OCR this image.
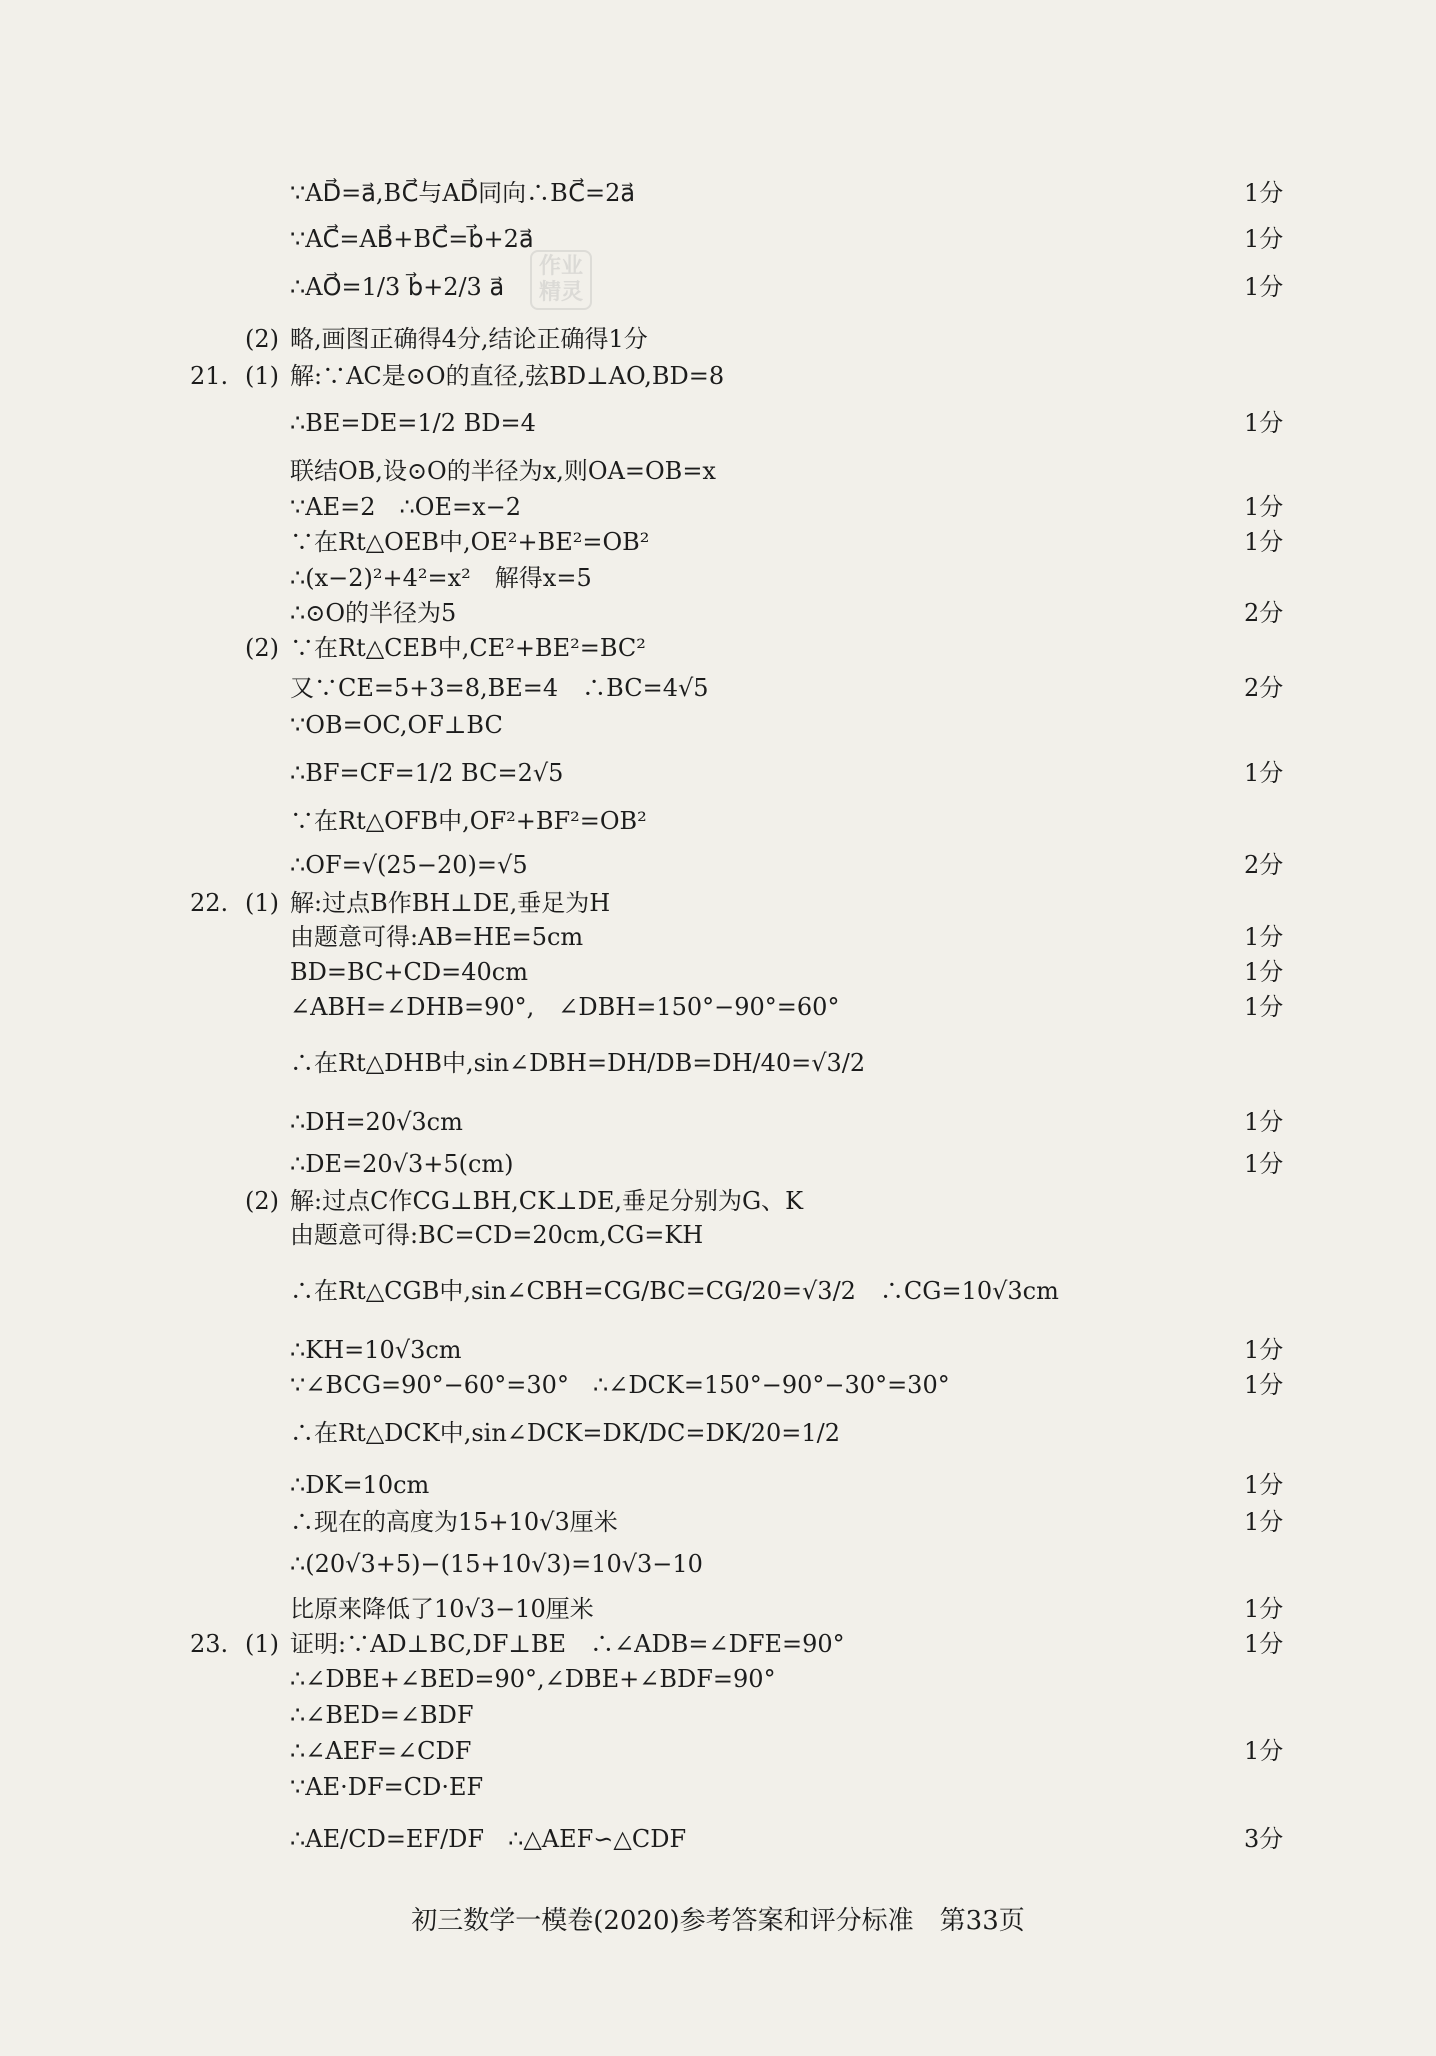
∵AD⃗=a⃗,BC⃗与AD⃗同向∴BC⃗=2a⃗	1分
∵AC⃗=AB⃗+BC⃗=b⃗+2a⃗	1分
∴AO⃗=1/3 b⃗+2/3 a⃗	1分
(2) 略,画图正确得4分,结论正确得1分
21. (1) 解:∵AC是⊙O的直径,弦BD⊥AO,BD=8
∴BE=DE=1/2 BD=4	1分
联结OB,设⊙O的半径为x,则OA=OB=x
∵AE=2　∴OE=x−2	1分
∵在Rt△OEB中,OE²+BE²=OB²	1分
∴(x−2)²+4²=x²　解得x=5
∴⊙O的半径为5	2分
(2) ∵在Rt△CEB中,CE²+BE²=BC²
又∵CE=5+3=8,BE=4　∴BC=4√5	2分
∵OB=OC,OF⊥BC
∴BF=CF=1/2 BC=2√5	1分
∵在Rt△OFB中,OF²+BF²=OB²
∴OF=√(25−20)=√5	2分
22. (1) 解:过点B作BH⊥DE,垂足为H
由题意可得:AB=HE=5cm	1分
BD=BC+CD=40cm	1分
∠ABH=∠DHB=90°,　∠DBH=150°−90°=60°	1分
∴在Rt△DHB中,sin∠DBH=DH/DB=DH/40=√3/2
∴DH=20√3cm	1分
∴DE=20√3+5(cm)	1分
(2) 解:过点C作CG⊥BH,CK⊥DE,垂足分别为G、K
由题意可得:BC=CD=20cm,CG=KH
∴在Rt△CGB中,sin∠CBH=CG/BC=CG/20=√3/2　∴CG=10√3cm
∴KH=10√3cm	1分
∵∠BCG=90°−60°=30°　∴∠DCK=150°−90°−30°=30°	1分
∴在Rt△DCK中,sin∠DCK=DK/DC=DK/20=1/2
∴DK=10cm	1分
∴现在的高度为15+10√3厘米	1分
∴(20√3+5)−(15+10√3)=10√3−10
比原来降低了10√3−10厘米	1分
23. (1) 证明:∵AD⊥BC,DF⊥BE　∴∠ADB=∠DFE=90°	1分
∴∠DBE+∠BED=90°,∠DBE+∠BDF=90°
∴∠BED=∠BDF
∴∠AEF=∠CDF	1分
∵AE·DF=CD·EF
∴AE/CD=EF/DF　∴△AEF∽△CDF	3分
作业精灵
初三数学一模卷(2020)参考答案和评分标准　第33页
